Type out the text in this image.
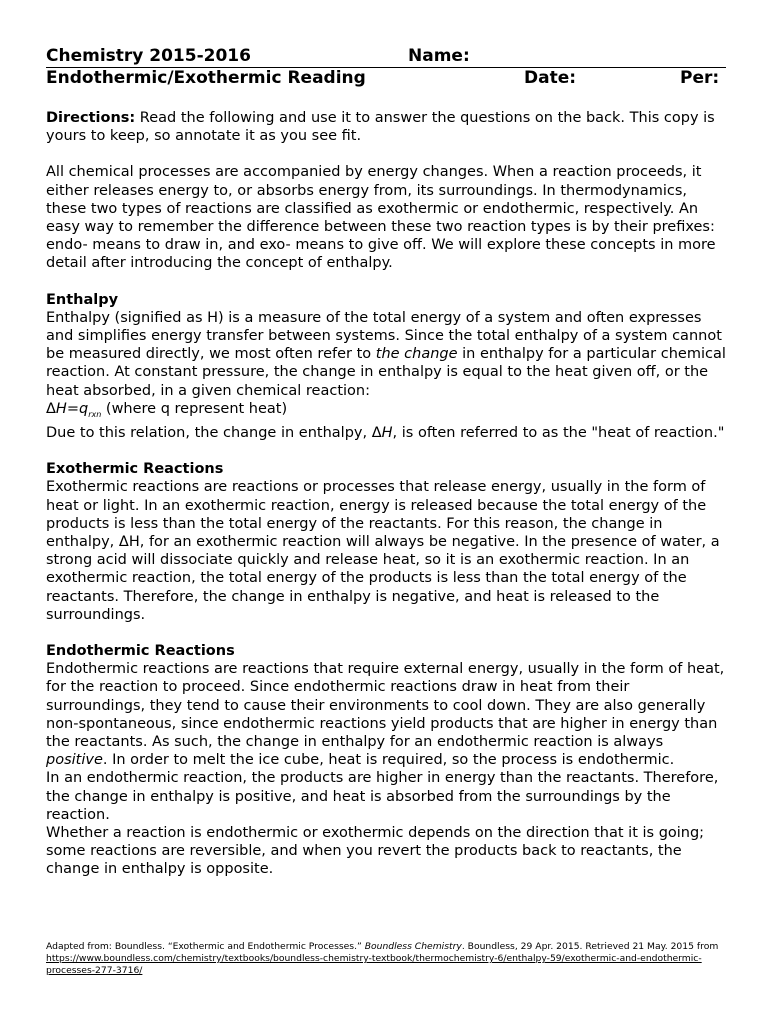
Chemistry 2015-2016	Name:
Endothermic/Exothermic Reading	Date:	Per:

Directions: Read the following and use it to answer the questions on the back. This copy is yours to keep, so annotate it as you see fit.

All chemical processes are accompanied by energy changes. When a reaction proceeds, it either releases energy to, or absorbs energy from, its surroundings. In thermodynamics, these two types of reactions are classified as exothermic or endothermic, respectively. An easy way to remember the difference between these two reaction types is by their prefixes: endo- means to draw in, and exo- means to give off. We will explore these concepts in more detail after introducing the concept of enthalpy.

Enthalpy

Enthalpy (signified as H) is a measure of the total energy of a system and often expresses and simplifies energy transfer between systems. Since the total enthalpy of a system cannot be measured directly, we most often refer to the change in enthalpy for a particular chemical reaction. At constant pressure, the change in enthalpy is equal to the heat given off, or the heat absorbed, in a given chemical reaction:

$\Delta H=q_{rxn}$ (where q represent heat)

Due to this relation, the change in enthalpy, ΔH, is often referred to as the "heat of reaction."

Exothermic Reactions

Exothermic reactions are reactions or processes that release energy, usually in the form of heat or light. In an exothermic reaction, energy is released because the total energy of the products is less than the total energy of the reactants. For this reason, the change in enthalpy, ΔH, for an exothermic reaction will always be negative. In the presence of water, a strong acid will dissociate quickly and release heat, so it is an exothermic reaction. In an exothermic reaction, the total energy of the products is less than the total energy of the reactants. Therefore, the change in enthalpy is negative, and heat is released to the surroundings.

Endothermic Reactions

Endothermic reactions are reactions that require external energy, usually in the form of heat, for the reaction to proceed. Since endothermic reactions draw in heat from their surroundings, they tend to cause their environments to cool down. They are also generally non-spontaneous, since endothermic reactions yield products that are higher in energy than the reactants. As such, the change in enthalpy for an endothermic reaction is always positive. In order to melt the ice cube, heat is required, so the process is endothermic.

In an endothermic reaction, the products are higher in energy than the reactants. Therefore, the change in enthalpy is positive, and heat is absorbed from the surroundings by the reaction.

Whether a reaction is endothermic or exothermic depends on the direction that it is going; some reactions are reversible, and when you revert the products back to reactants, the change in enthalpy is opposite.

Adapted from: Boundless. “Exothermic and Endothermic Processes.” Boundless Chemistry. Boundless, 29 Apr. 2015. Retrieved 21 May. 2015 from https://www.boundless.com/chemistry/textbooks/boundless-chemistry-textbook/thermochemistry-6/enthalpy-59/exothermic-and-endothermic-processes-277-3716/
